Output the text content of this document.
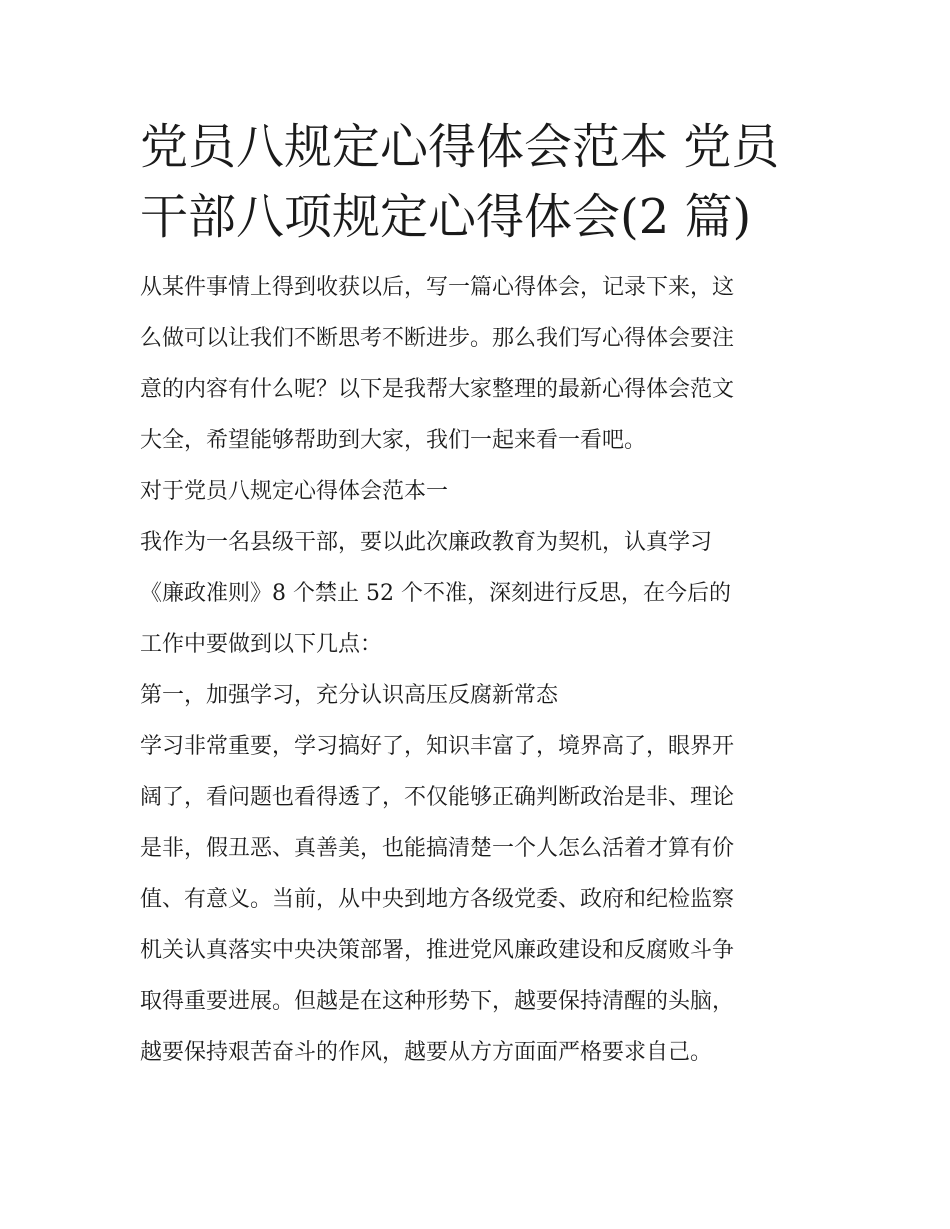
党员八规定心得体会范本 党员
干部八项规定心得体会(2 篇)

从某件事情上得到收获以后，写一篇心得体会，记录下来，这
么做可以让我们不断思考不断进步。那么我们写心得体会要注
意的内容有什么呢？以下是我帮大家整理的最新心得体会范文
大全，希望能够帮助到大家，我们一起来看一看吧。

对于党员八规定心得体会范本一

我作为一名县级干部，要以此次廉政教育为契机，认真学习
《廉政准则》8 个禁止 52 个不准，深刻进行反思，在今后的
工作中要做到以下几点：

第一，加强学习，充分认识高压反腐新常态

学习非常重要，学习搞好了，知识丰富了，境界高了，眼界开
阔了，看问题也看得透了，不仅能够正确判断政治是非、理论
是非，假丑恶、真善美，也能搞清楚一个人怎么活着才算有价
值、有意义。当前，从中央到地方各级党委、政府和纪检监察
机关认真落实中央决策部署，推进党风廉政建设和反腐败斗争
取得重要进展。但越是在这种形势下，越要保持清醒的头脑，
越要保持艰苦奋斗的作风，越要从方方面面严格要求自己。
